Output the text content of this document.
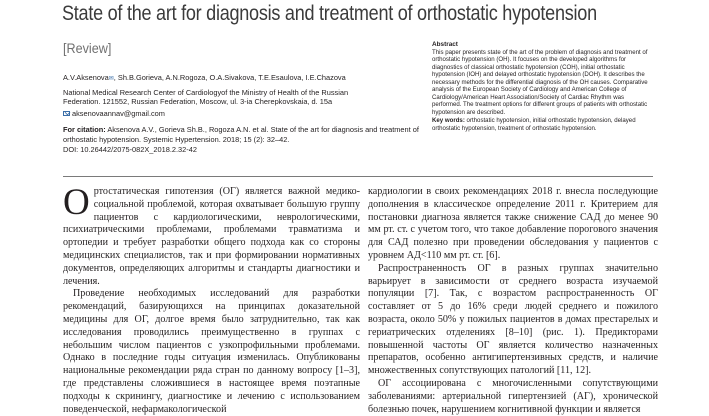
State of the art for diagnosis and treatment of orthostatic hypotension
[Review]
A.V.Aksenova✉, Sh.B.Gorieva, A.N.Rogoza, O.A.Sivakova, T.E.Esaulova, I.E.Chazova
National Medical Research Center of Cardiologyof the Ministry of Health of the Russian
Federation. 121552, Russian Federation, Moscow, ul. 3-ia Cherepkovskaia, d. 15a
aksenovaannav@gmail.com
For citation: Aksenova A.V., Gorieva Sh.B., Rogoza A.N. et al. State of the art for diagnosis and treatment of orthostatic hypotension. Systemic Hypertension. 2018; 15 (2): 32–42.
DOI: 10.26442/2075-082X_2018.2.32-42
Abstract
This paper presents state of the art of the problem of diagnosis and treatment of orthostatic hypotension (OH). It focuses on the developed algorithms for diagnostics of classical orthostatic hypotension (COH), initial orthostatic hypotension (IOH) and delayed orthostatic hypotension (DOH). It describes the necessary methods for the differential diagnosis of the OH causes. Comparative analysis of the European Society of Cardiology and American College of Cardiology/American Heart Association/Society of Cardiac Rhythm was performed. The treatment options for different groups of patients with orthostatic hypotension are described.
Key words: orthostatic hypotension, initial orthostatic hypotension, delayed orthostatic hypotension, treatment of orthostatic hypotension.

Ортостатическая гипотензия (ОГ) является важной медико-социальной проблемой, которая охватывает большую группу пациентов с кардиологическими, неврологическими, психиатрическими проблемами, проблемами травматизма и ортопедии и требует разработки общего подхода как со стороны медицинских специалистов, так и при формировании нормативных документов, определяющих алгоритмы и стандарты диагностики и лечения.

Проведение необходимых исследований для разработки рекомендаций, базирующихся на принципах доказательной медицины для ОГ, долгое время было затруднительно, так как исследования проводились преимущественно в группах с небольшим числом пациентов с узкопрофильными проблемами. Однако в последние годы ситуация изменилась. Опубликованы национальные рекомендации ряда стран по данному вопросу [1–3], где представлены сложившиеся в настоящее время поэтапные подходы к скринингу, диагностике и лечению с использованием поведенческой, нефармакологической

кардиологии в своих рекомендациях 2018 г. внесла последующие дополнения в классическое определение 2011 г. Критерием для постановки диагноза является также снижение САД до менее 90 мм рт. ст. с учетом того, что такое добавление порогового значения для САД полезно при проведении обследования у пациентов с уровнем АД<110 мм рт. ст. [6].

Распространенность ОГ в разных группах значительно варьирует в зависимости от среднего возраста изучаемой популяции [7]. Так, с возрастом распространенность ОГ составляет от 5 до 16% среди людей среднего и пожилого возраста, около 50% у пожилых пациентов в домах престарелых и гериатрических отделениях [8–10] (рис. 1). Предикторами повышенной частоты ОГ является количество назначенных препаратов, особенно антигипертензивных средств, и наличие множественных сопутствующих патологий [11, 12].

ОГ ассоциирована с многочисленными сопутствующими заболеваниями: артериальной гипертензией (АГ), хронической болезнью почек, нарушением когнитивной функции и является
